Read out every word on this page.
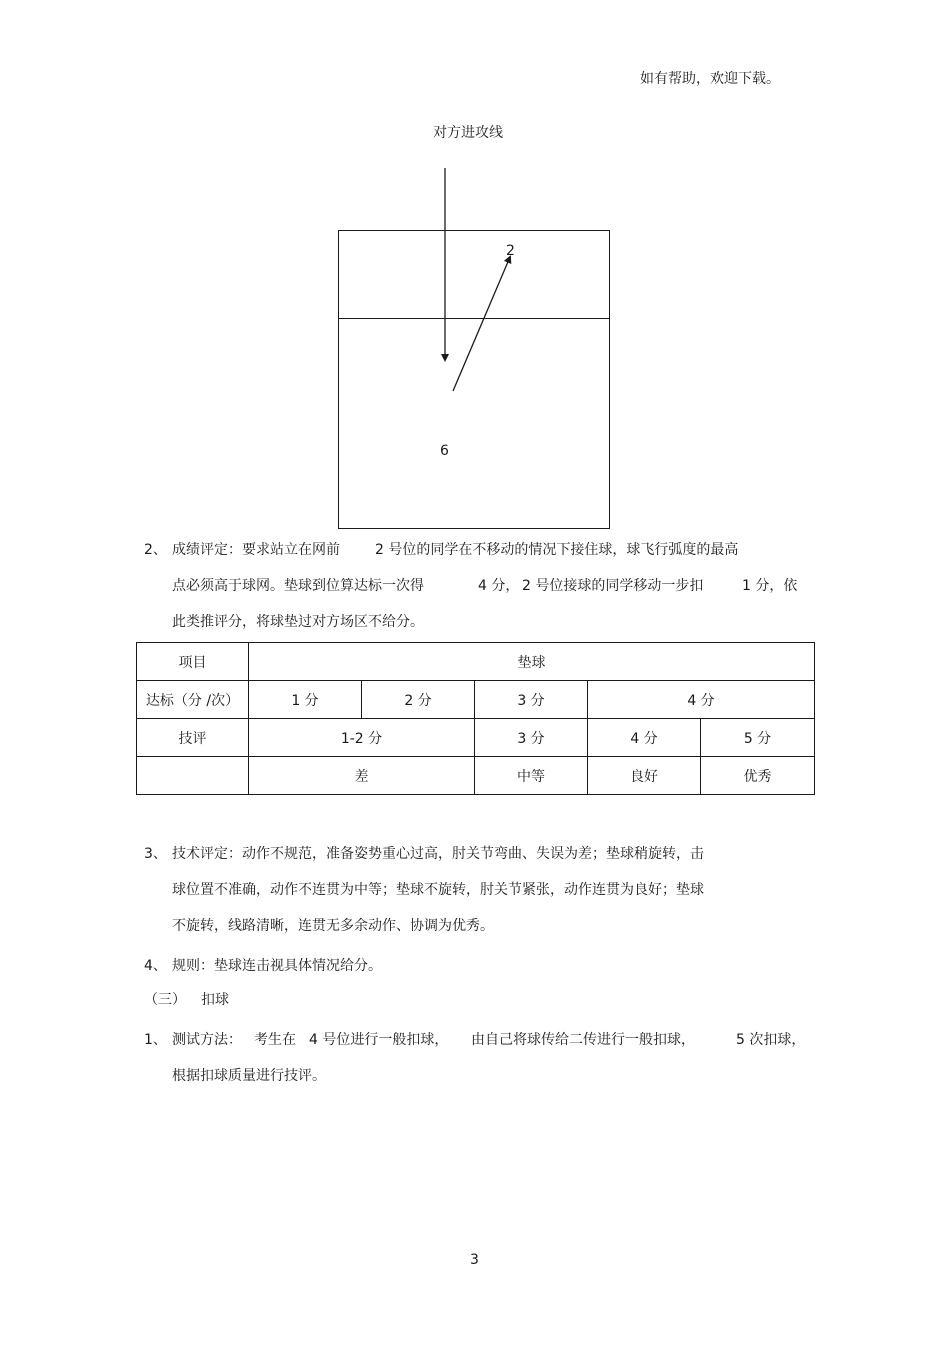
如有帮助，欢迎下载。
对方进攻线
2
6
2、 成绩评定：要求站立在网前	2 号位的同学在不移动的情况下接住球，球飞行弧度的最高
点必须高于球网。垫球到位算达标一次得	4 分， 2 号位接球的同学移动一步扣	1 分，依
此类推评分，将球垫过对方场区不给分。
项目	垫球				
达标（分 /次）	1 分	2 分	3 分	4 分	
技评	1-2 分		3 分	4 分	5 分
	差		中等	良好	优秀
3、 技术评定：动作不规范，准备姿势重心过高，肘关节弯曲、失误为差；垫球稍旋转，击
球位置不准确，动作不连贯为中等；垫球不旋转，肘关节紧张，动作连贯为良好；垫球
不旋转，线路清晰，连贯无多余动作、协调为优秀。
4、 规则：垫球连击视具体情况给分。
（三） 扣球
1、 测试方法： 考生在 4 号位进行一般扣球， 由自己将球传给二传进行一般扣球，	5 次扣球，
根据扣球质量进行技评。
3
